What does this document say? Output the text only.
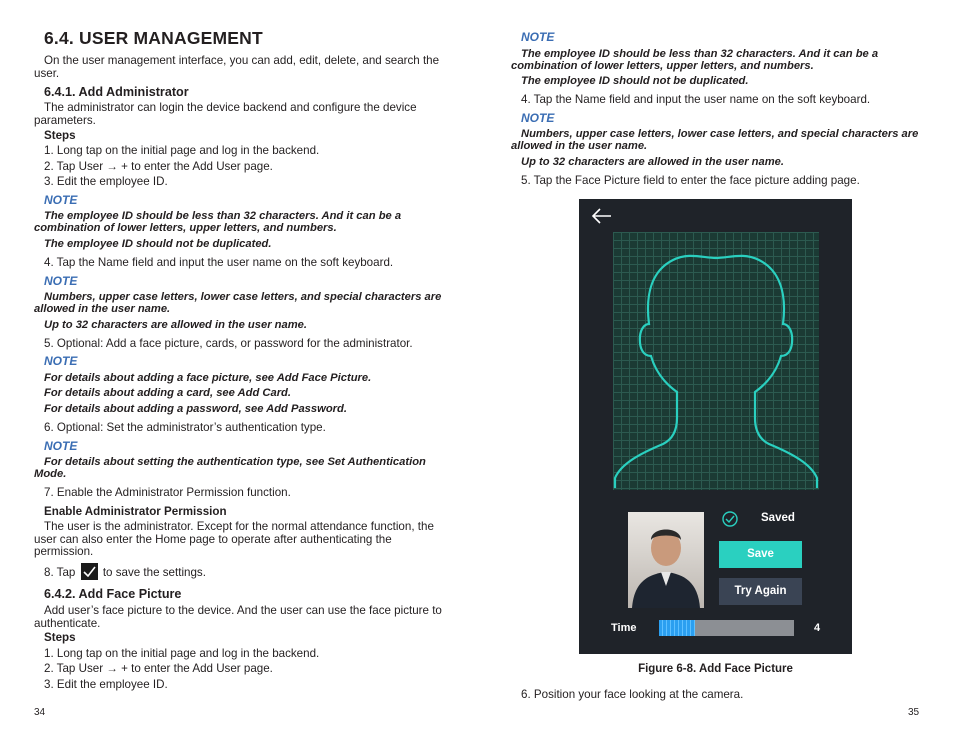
6.4. USER MANAGEMENT
On the user management interface, you can add, edit, delete, and search the user.
6.4.1. Add Administrator
The administrator can login the device backend and configure the device parameters.
Steps
1. Long tap on the initial page and log in the backend.
2. Tap User → + to enter the Add User page.
3. Edit the employee ID.
NOTE
The employee ID should be less than 32 characters. And it can be a combination of lower letters, upper letters, and numbers.
The employee ID should not be duplicated.
4. Tap the Name field and input the user name on the soft keyboard.
NOTE
Numbers, upper case letters, lower case letters, and special characters are allowed in the user name.
Up to 32 characters are allowed in the user name.
5. Optional: Add a face picture, cards, or password for the administrator.
NOTE
For details about adding a face picture, see Add Face Picture.
For details about adding a card, see Add Card.
For details about adding a password, see Add Password.
6. Optional: Set the administrator’s authentication type.
NOTE
For details about setting the authentication type, see Set Authentication Mode.
7. Enable the Administrator Permission function.
Enable Administrator Permission
The user is the administrator. Except for the normal attendance function, the user can also enter the Home page to operate after authenticating the permission.
8. Tap
to save the settings.
6.4.2. Add Face Picture
Add user’s face picture to the device. And the user can use the face picture to authenticate.
Steps
1. Long tap on the initial page and log in the backend.
2. Tap User → + to enter the Add User page.
3. Edit the employee ID.
34
NOTE
The employee ID should be less than 32 characters. And it can be a combination of lower letters, upper letters, and numbers.
The employee ID should not be duplicated.
4. Tap the Name field and input the user name on the soft keyboard.
NOTE
Numbers, upper case letters, lower case letters, and special characters are allowed in the user name.
Up to 32 characters are allowed in the user name.
5. Tap the Face Picture field to enter the face picture adding page.
Saved
Save
Try Again
Time	4
Figure 6-8. Add Face Picture
6. Position your face looking at the camera.
35
